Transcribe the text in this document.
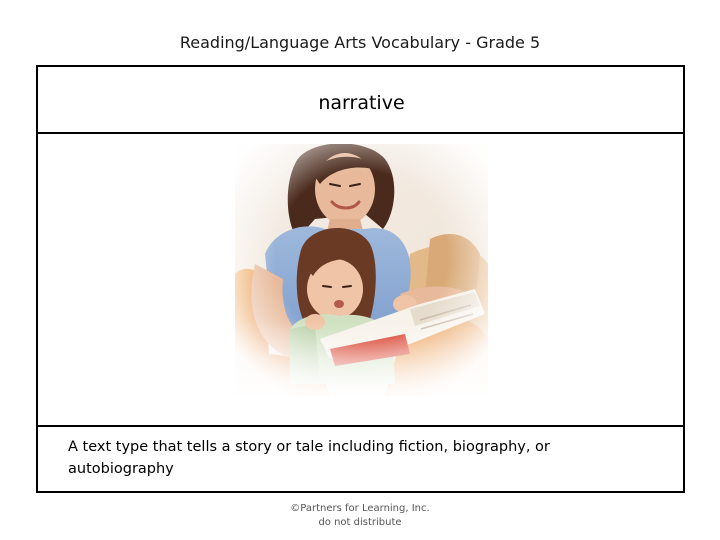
Reading/Language Arts Vocabulary - Grade 5
narrative
A text type that tells a story or tale including fiction, biography, or autobiography
©Partners for Learning, Inc.
do not distribute
